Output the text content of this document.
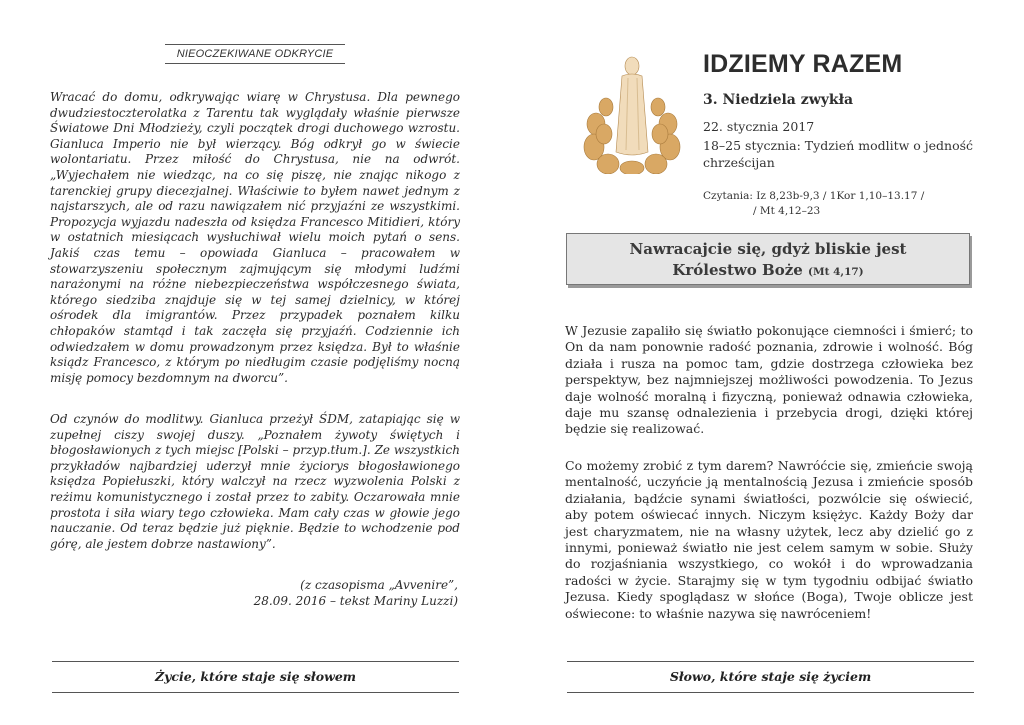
NIEOCZEKIWANE ODKRYCIE

Wracać do domu, odkrywając wiarę w Chrystusa. Dla pewnego dwudziestoczterolatka z Tarentu tak wyglądały właśnie pierwsze Światowe Dni Młodzieży, czyli początek drogi duchowego wzrostu. Gianluca Imperio nie był wierzący. Bóg odkrył go w świecie wolontariatu. Przez miłość do Chrystusa, nie na odwrót. „Wyjechałem nie wiedząc, na co się piszę, nie znając nikogo z tarenckiej grupy diecezjalnej. Właściwie to byłem nawet jednym z najstarszych, ale od razu nawiązałem nić przyjaźni ze wszystkimi. Propozycja wyjazdu nadeszła od księdza Francesco Mitidieri, który w ostatnich miesiącach wysłuchiwał wielu moich pytań o sens. Jakiś czas temu – opowiada Gianluca – pracowałem w stowarzyszeniu społecznym zajmującym się młodymi ludźmi narażonymi na różne niebezpieczeństwa współczesnego świata, którego siedziba znajduje się w tej samej dzielnicy, w której ośrodek dla imigrantów. Przez przypadek poznałem kilku chłopaków stamtąd i tak zaczęła się przyjaźń. Codziennie ich odwiedzałem w domu prowadzonym przez księdza. Był to właśnie ksiądz Francesco, z którym po niedługim czasie podjęliśmy nocną misję pomocy bezdomnym na dworcu”.

Od czynów do modlitwy. Gianluca przeżył ŚDM, zatapiając się w zupełnej ciszy swojej duszy. „Poznałem żywoty świętych i błogosławionych z tych miejsc [Polski – przyp.tłum.]. Ze wszystkich przykładów najbardziej uderzył mnie życiorys błogosławionego księdza Popiełuszki, który walczył na rzecz wyzwolenia Polski z reżimu komunistycznego i został przez to zabity. Oczarowała mnie prostota i siła wiary tego człowieka. Mam cały czas w głowie jego nauczanie. Od teraz będzie już pięknie. Będzie to wchodzenie pod górę, ale jestem dobrze nastawiony”.

(z czasopisma „Avvenire”,
28.09. 2016 – tekst Mariny Luzzi)
Życie, które staje się słowem
IDZIEMY RAZEM
3. Niedziela zwykła
22. stycznia 2017
18–25 stycznia: Tydzień modlitw o jedność chrześcijan
Czytania: Iz 8,23b-9,3 / 1Kor 1,10–13.17 /
/ Mt 4,12–23
Nawracajcie się, gdyż bliskie jest
Królestwo Boże (Mt 4,17)

W Jezusie zapaliło się światło pokonujące ciemności i śmierć; to On da nam ponownie radość poznania, zdrowie i wolność. Bóg działa i rusza na pomoc tam, gdzie dostrzega człowieka bez perspektyw, bez najmniejszej możliwości powodzenia. To Jezus daje wolność moralną i fizyczną, ponieważ odnawia człowieka, daje mu szansę odnalezienia i przebycia drogi, dzięki której będzie się realizować.

Co możemy zrobić z tym darem? Nawróćcie się, zmieńcie swoją mentalność, uczyńcie ją mentalnością Jezusa i zmieńcie sposób działania, bądźcie synami światłości, pozwólcie się oświecić, aby potem oświecać innych. Niczym księżyc. Każdy Boży dar jest charyzmatem, nie na własny użytek, lecz aby dzielić go z innymi, ponieważ światło nie jest celem samym w sobie. Służy do rozjaśniania wszystkiego, co wokół i do wprowadzania radości w życie. Starajmy się w tym tygodniu odbijać światło Jezusa. Kiedy spoglądasz w słońce (Boga), Twoje oblicze jest oświecone: to właśnie nazywa się nawróceniem!

Słowo, które staje się życiem
